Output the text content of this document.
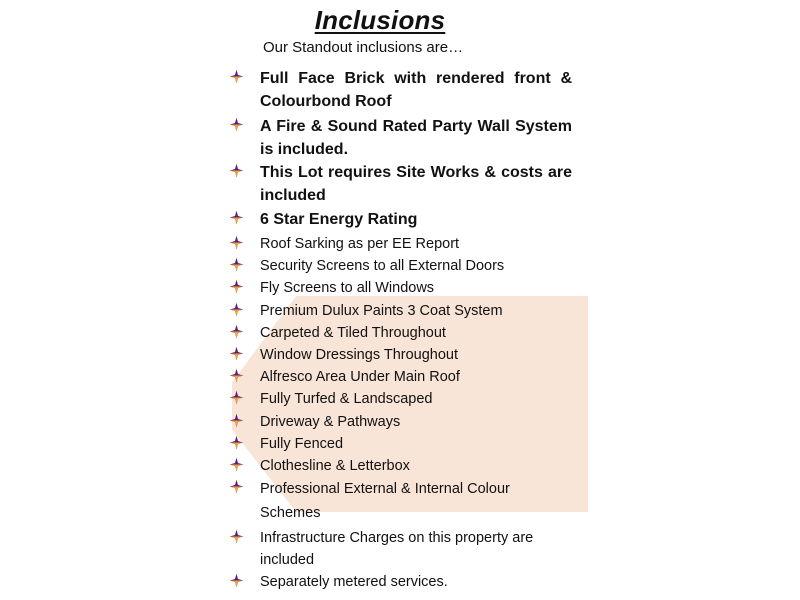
Inclusions
Our Standout inclusions are…
Full Face Brick with rendered front & Colourbond Roof
A Fire & Sound Rated Party Wall System is included.
This Lot requires Site Works & costs are included
6 Star Energy Rating
Roof Sarking as per EE Report
Security Screens to all External Doors
Fly Screens to all Windows
Premium Dulux Paints 3 Coat System
Carpeted & Tiled Throughout
Window Dressings Throughout
Alfresco Area Under Main Roof
Fully Turfed & Landscaped
Driveway & Pathways
Fully Fenced
Clothesline & Letterbox
Professional External & Internal Colour Schemes
Infrastructure Charges on this property are included
Separately metered services.
